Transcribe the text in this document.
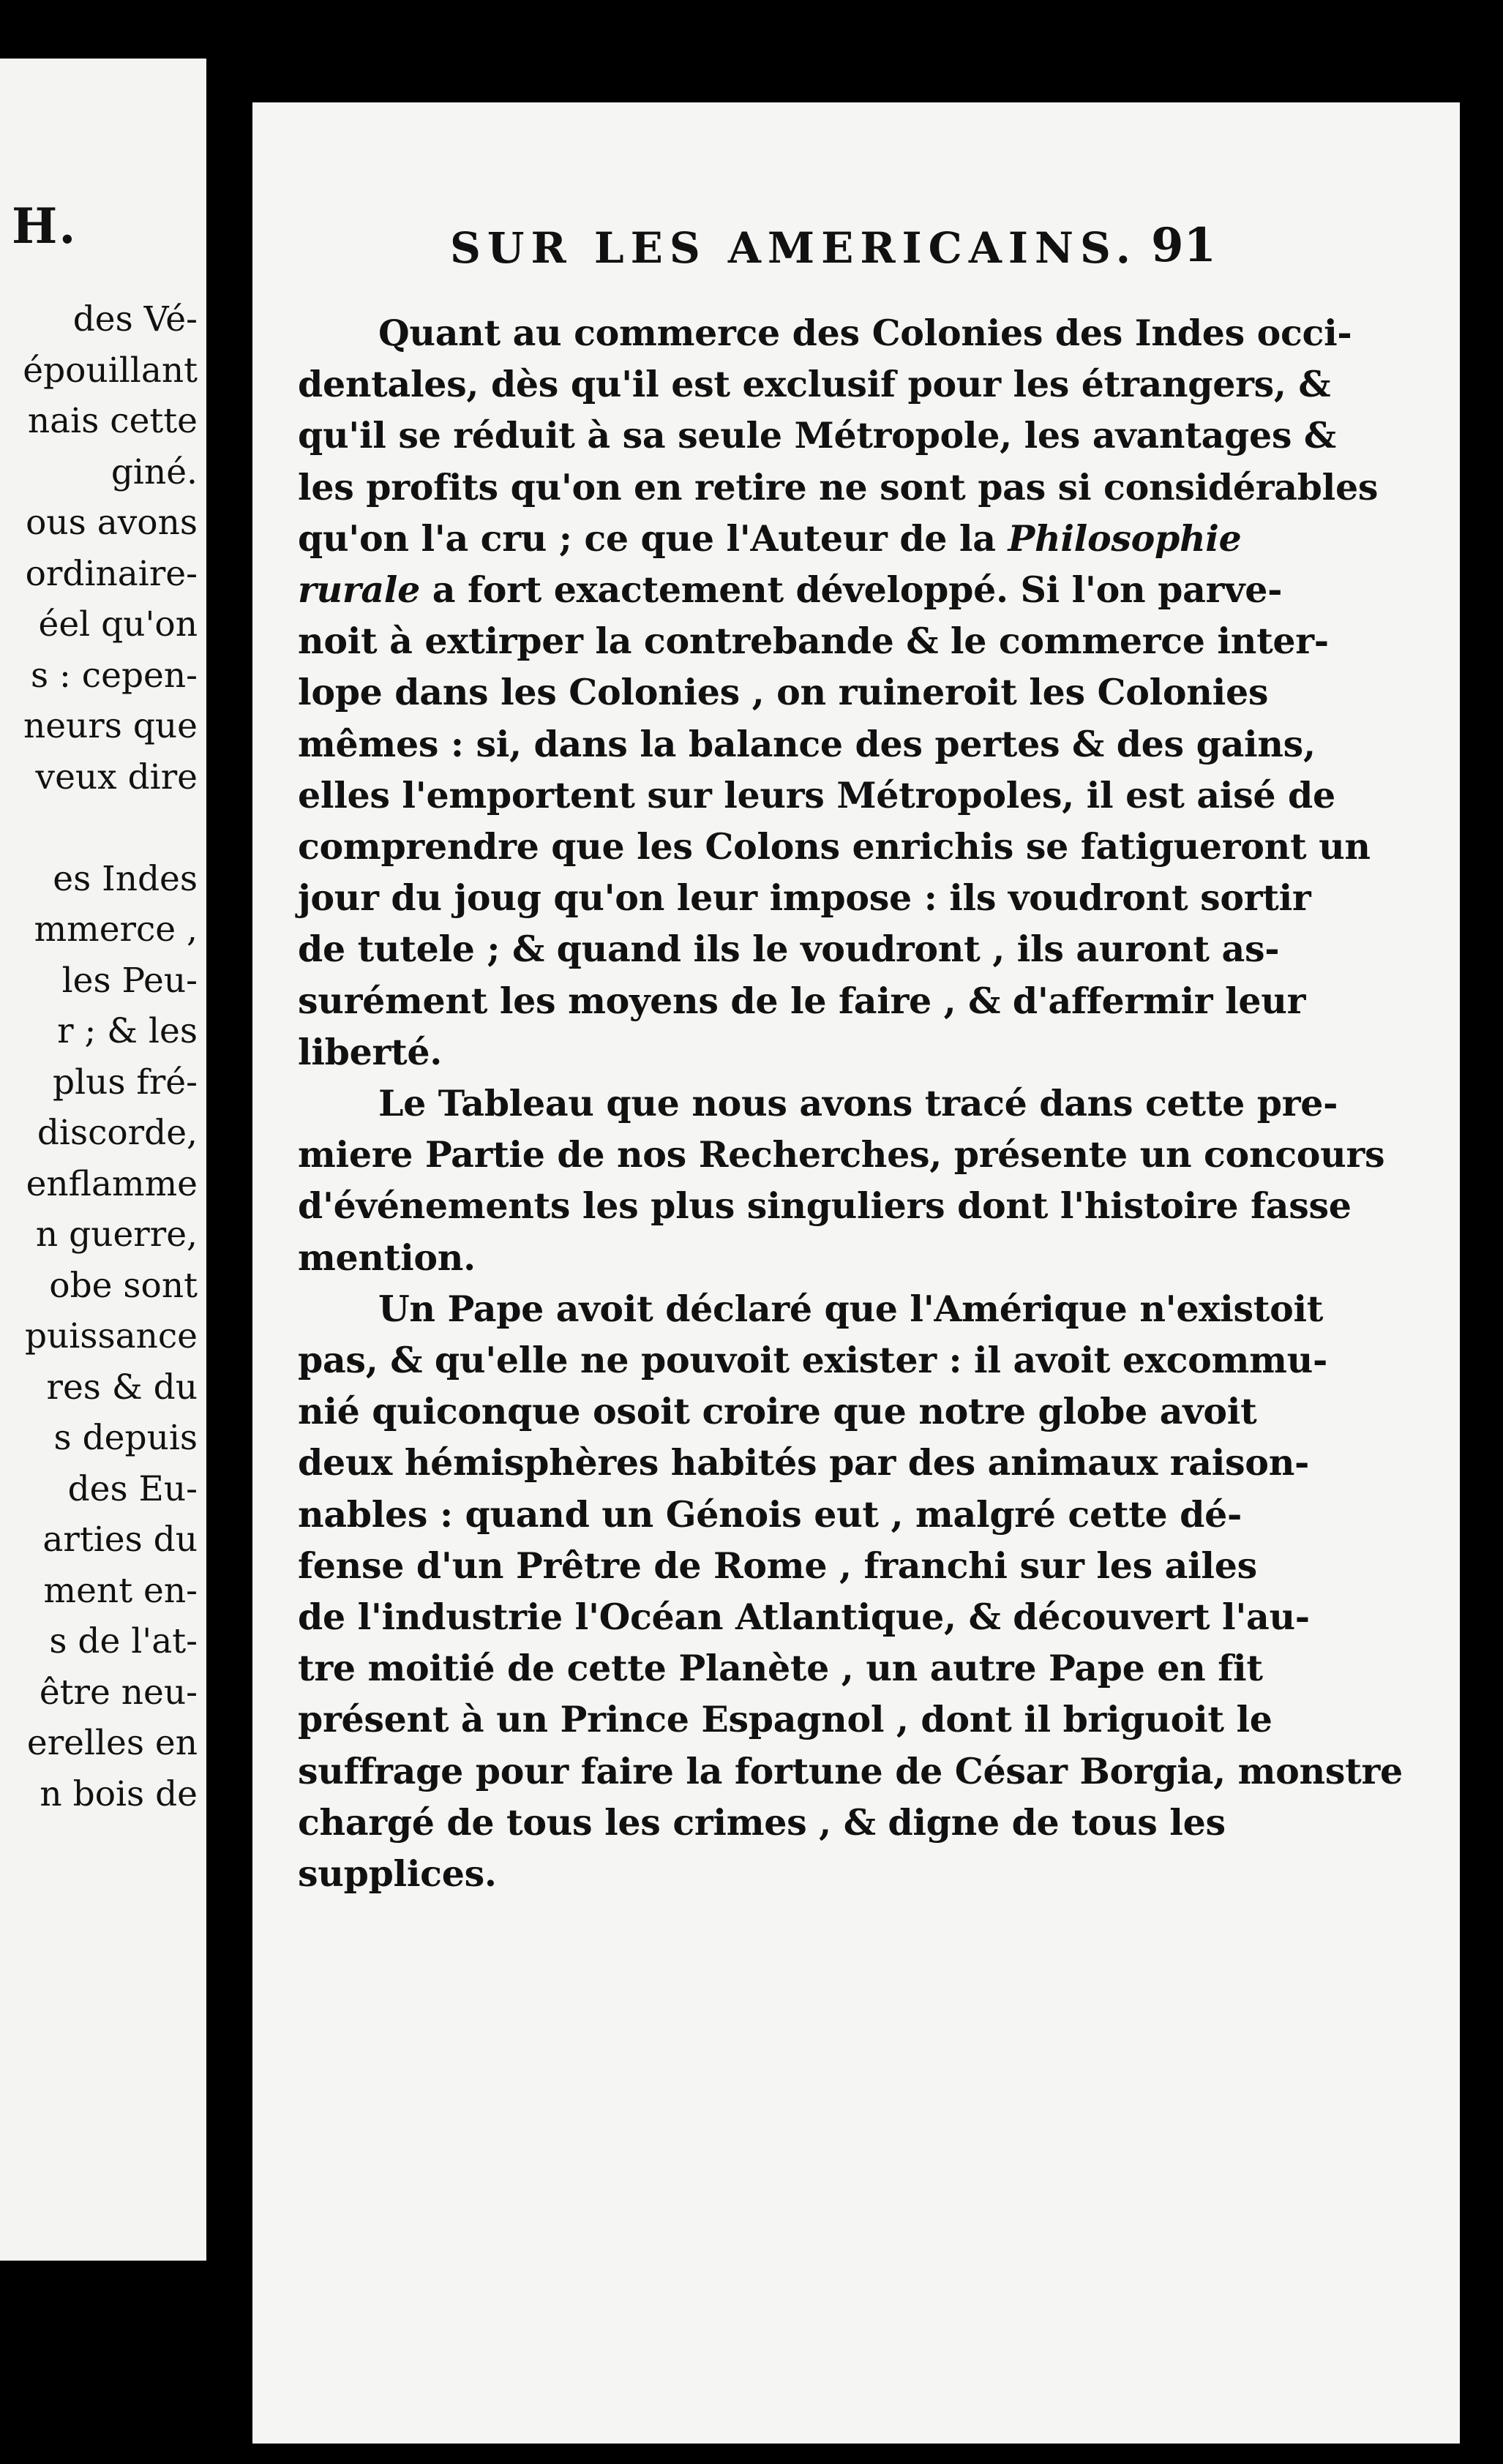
H.
des Vé-
épouillant
nais cette
giné.
ous avons
ordinaire-
éel qu'on
s : cepen-
neurs que
veux dire

es Indes
mmerce ,
les Peu-
r ; & les
plus fré-
discorde,
enflamme
n guerre,
obe sont
puissance
res & du
s depuis
des Eu-
arties du
ment en-
s de l'at-
être neu-
erelles en
n bois de
SUR LES AMERICAINS. 91
Quant au commerce des Colonies des Indes occi-
dentales, dès qu'il est exclusif pour les étrangers, &
qu'il se réduit à sa seule Métropole, les avantages &
les profits qu'on en retire ne sont pas si considérables
qu'on l'a cru ; ce que l'Auteur de la Philosophie
rurale a fort exactement développé. Si l'on parve-
noit à extirper la contrebande & le commerce inter-
lope dans les Colonies , on ruineroit les Colonies
mêmes : si, dans la balance des pertes & des gains,
elles l'emportent sur leurs Métropoles, il est aisé de
comprendre que les Colons enrichis se fatigueront un
jour du joug qu'on leur impose : ils voudront sortir
de tutele ; & quand ils le voudront , ils auront as-
surément les moyens de le faire , & d'affermir leur
liberté.
Le Tableau que nous avons tracé dans cette pre-
miere Partie de nos Recherches, présente un concours
d'événements les plus singuliers dont l'histoire fasse
mention.
Un Pape avoit déclaré que l'Amérique n'existoit
pas, & qu'elle ne pouvoit exister : il avoit excommu-
nié quiconque osoit croire que notre globe avoit
deux hémisphères habités par des animaux raison-
nables : quand un Génois eut , malgré cette dé-
fense d'un Prêtre de Rome , franchi sur les ailes
de l'industrie l'Océan Atlantique, & découvert l'au-
tre moitié de cette Planète , un autre Pape en fit
présent à un Prince Espagnol , dont il briguoit le
suffrage pour faire la fortune de César Borgia, monstre
chargé de tous les crimes , & digne de tous les
supplices.
